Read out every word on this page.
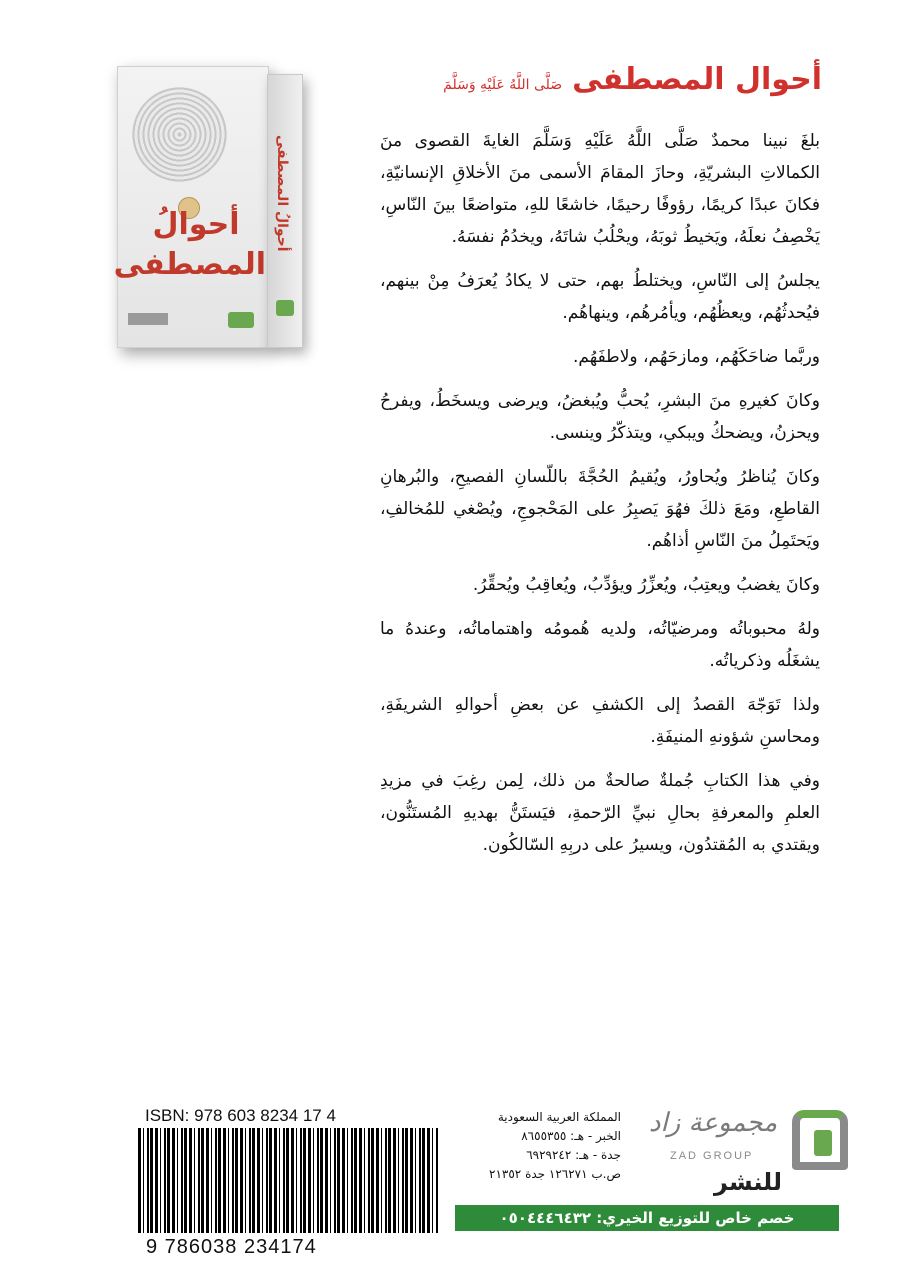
أحوالُ المصطفى
أحوالُ المصطفى
أحوال المصطفى
صَلَّى اللَّهُ عَلَيْهِ وَسَلَّمَ

بلغَ نبينا محمدٌ صَلَّى اللَّهُ عَلَيْهِ وَسَلَّمَ الغايةَ القصوى منَ الكمالاتِ البشريّةِ، وحازَ المقامَ الأسمى منَ الأخلاقِ الإنسانيّةِ، فكانَ عبدًا كريمًا، رؤوفًا رحيمًا، خاشعًا للهِ، متواضعًا بينَ النّاسِ، يَخْصِفُ نعلَهُ، ويَخيطُ ثوبَهُ، ويحْلُبُ شاتَهُ، ويخدُمُ نفسَهُ.

يجلسُ إلى النّاسِ، ويختلطُ بهم، حتى لا يكادُ يُعرَفُ مِنْ بينهم، فيُحدثُهُم، ويعظُهُم، ويأمُرهُم، وينهاهُم.

وربَّما ضاحَكَهُم، ومازحَهُم، ولاطفَهُم.

وكانَ كغيرهِ منَ البشرِ، يُحبُّ ويُبغضُ، ويرضى ويسخَطُ، ويفرحُ ويحزنُ، ويضحكُ ويبكي، ويتذكّرُ وينسى.

وكانَ يُناظرُ ويُحاورُ، ويُقيمُ الحُجَّةَ باللّسانِ الفصيحِ، والبُرهانِ القاطعِ، ومَعَ ذلكَ فهُوَ يَصبِرُ على المَحْجوجِ، ويُصْغي للمُخالفِ، ويَحتَمِلُ منَ النّاسِ أذاهُم.

وكانَ يغضبُ ويعتِبُ، ويُعزِّرُ ويؤدِّبُ، ويُعاقِبُ ويُحقِّرُ.

ولهُ محبوباتُه ومرضيّاتُه، ولديه هُمومُه واهتماماتُه، وعندهُ ما يشغَلُه وذكرياتُه.

ولذا تَوَجّهَ القصدُ إلى الكشفِ عن بعضِ أحوالهِ الشريفَةِ، ومحاسنِ شؤونهِ المنيفَةِ.

وفي هذا الكتابِ جُملةٌ صالحةٌ من ذلك، لِمن رغِبَ في مزيدِ العلمِ والمعرفةِ بحالِ نبيِّ الرّحمةِ، فيَستَنُّ بهديهِ المُستَنُّون، ويقتدي به المُقتدُون، ويسيرُ على دربِهِ السّالكُون.

ISBN: 978 603 8234 17 4
9 786038 234174
المملكة العربية السعودية
الخبر - هـ: ٨٦٥٥٣٥٥
جدة - هـ: ٦٩٢٩٢٤٢
ص.ب ١٢٦٢٧١ جدة ٢١٣٥٢
مجموعة زاد
ZAD GROUP
للنشر
خصم خاص للتوزيع الخيري: ٠٥٠٤٤٤٦٤٣٢
